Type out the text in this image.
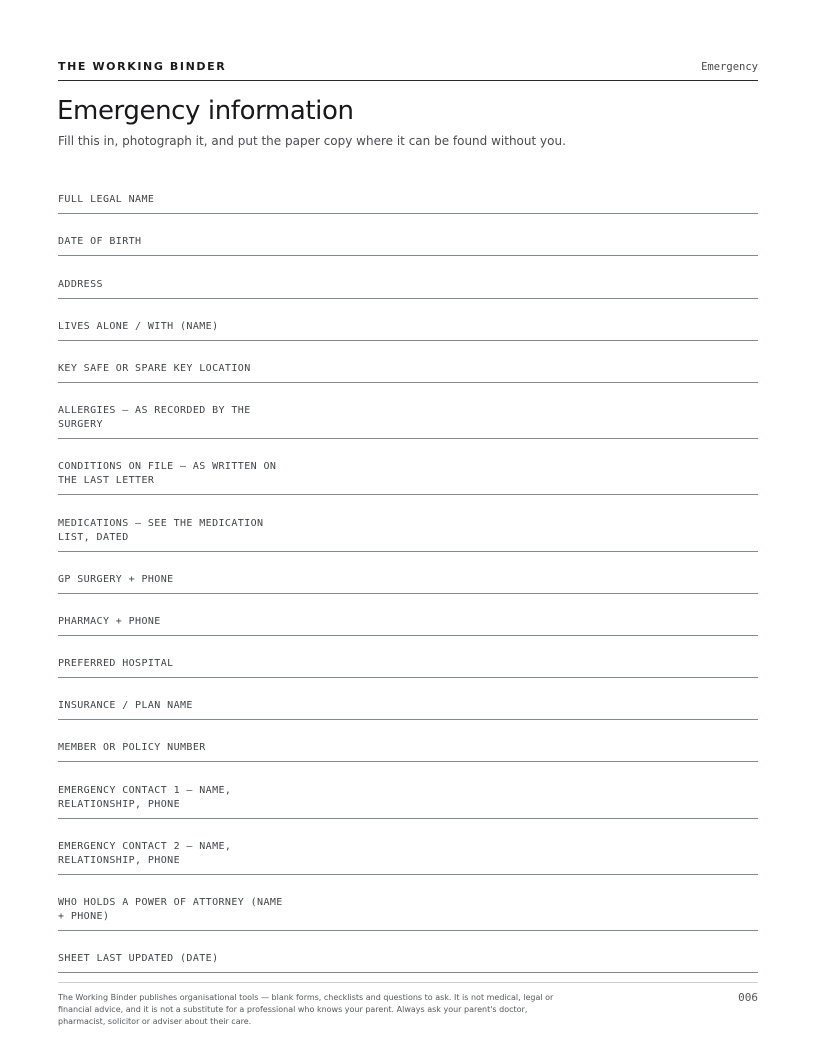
THE WORKING BINDER	Emergency
Emergency information

Fill this in, photograph it, and put the paper copy where it can be found without you.

FULL LEGAL NAME
DATE OF BIRTH
ADDRESS
LIVES ALONE / WITH (NAME)
KEY SAFE OR SPARE KEY LOCATION
ALLERGIES — AS RECORDED BY THE SURGERY
CONDITIONS ON FILE — AS WRITTEN ON THE LAST LETTER
MEDICATIONS — SEE THE MEDICATION LIST, DATED
GP SURGERY + PHONE
PHARMACY + PHONE
PREFERRED HOSPITAL
INSURANCE / PLAN NAME
MEMBER OR POLICY NUMBER
EMERGENCY CONTACT 1 — NAME, RELATIONSHIP, PHONE
EMERGENCY CONTACT 2 — NAME, RELATIONSHIP, PHONE
WHO HOLDS A POWER OF ATTORNEY (NAME + PHONE)
SHEET LAST UPDATED (DATE)

The Working Binder publishes organisational tools — blank forms, checklists and questions to ask. It is not medical, legal or financial advice, and it is not a substitute for a professional who knows your parent. Always ask your parent's doctor, pharmacist, solicitor or adviser about their care.

006
